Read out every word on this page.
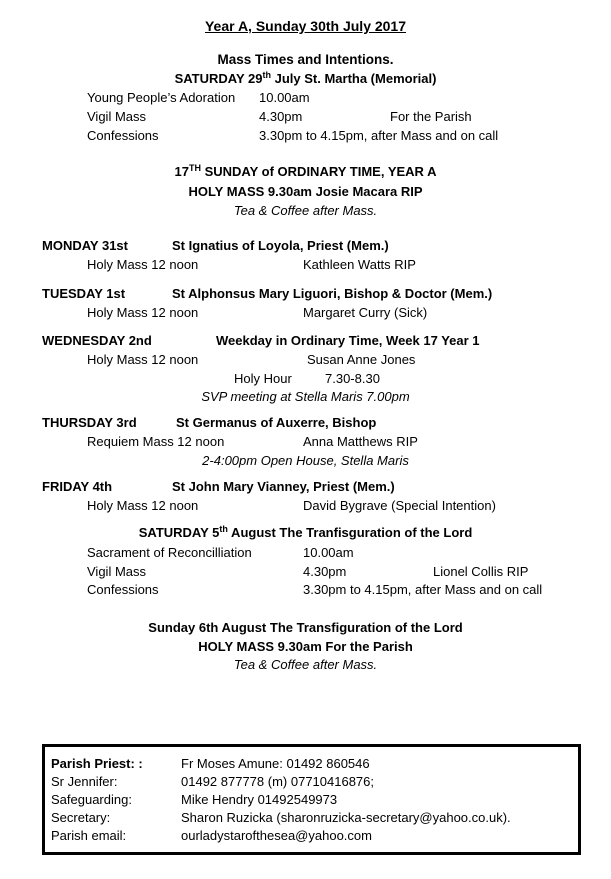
Year A, Sunday 30th July 2017
Mass Times and Intentions.
SATURDAY 29th July St. Martha (Memorial)
Young People’s Adoration 10.00am
Vigil Mass	4.30pm	For the Parish
Confessions	3.30pm to 4.15pm, after Mass and on call
17TH SUNDAY of ORDINARY TIME, YEAR A
HOLY MASS 9.30am Josie Macara RIP
Tea & Coffee after Mass.
MONDAY 31st	St Ignatius of Loyola, Priest (Mem.)
Holy Mass 12 noon	Kathleen Watts RIP
TUESDAY 1st	St Alphonsus Mary Liguori, Bishop & Doctor (Mem.)
Holy Mass 12 noon	Margaret Curry (Sick)
WEDNESDAY 2nd	Weekday in Ordinary Time, Week 17 Year 1
Holy Mass 12 noon	Susan Anne Jones
Holy Hour	7.30-8.30
SVP meeting at Stella Maris 7.00pm
THURSDAY 3rd	St Germanus of Auxerre, Bishop
Requiem Mass 12 noon	Anna Matthews RIP
2-4:00pm Open House, Stella Maris
FRIDAY 4th	St John Mary Vianney, Priest (Mem.)
Holy Mass 12 noon	David Bygrave (Special Intention)
SATURDAY 5th August The Tranfisguration of the Lord
Sacrament of Reconcilliation	10.00am
Vigil Mass	4.30pm	Lionel Collis RIP
Confessions	3.30pm to 4.15pm, after Mass and on call
Sunday 6th August The Transfiguration of the Lord
HOLY MASS 9.30am For the Parish
Tea & Coffee after Mass.
Parish Priest: :	Fr Moses Amune: 01492 860546
Sr Jennifer:	01492 877778 (m) 07710416876;
Safeguarding:	Mike Hendry 01492549973
Secretary:	Sharon Ruzicka (sharonruzicka-secretary@yahoo.co.uk).
Parish email:	ourladystarofthesea@yahoo.com
